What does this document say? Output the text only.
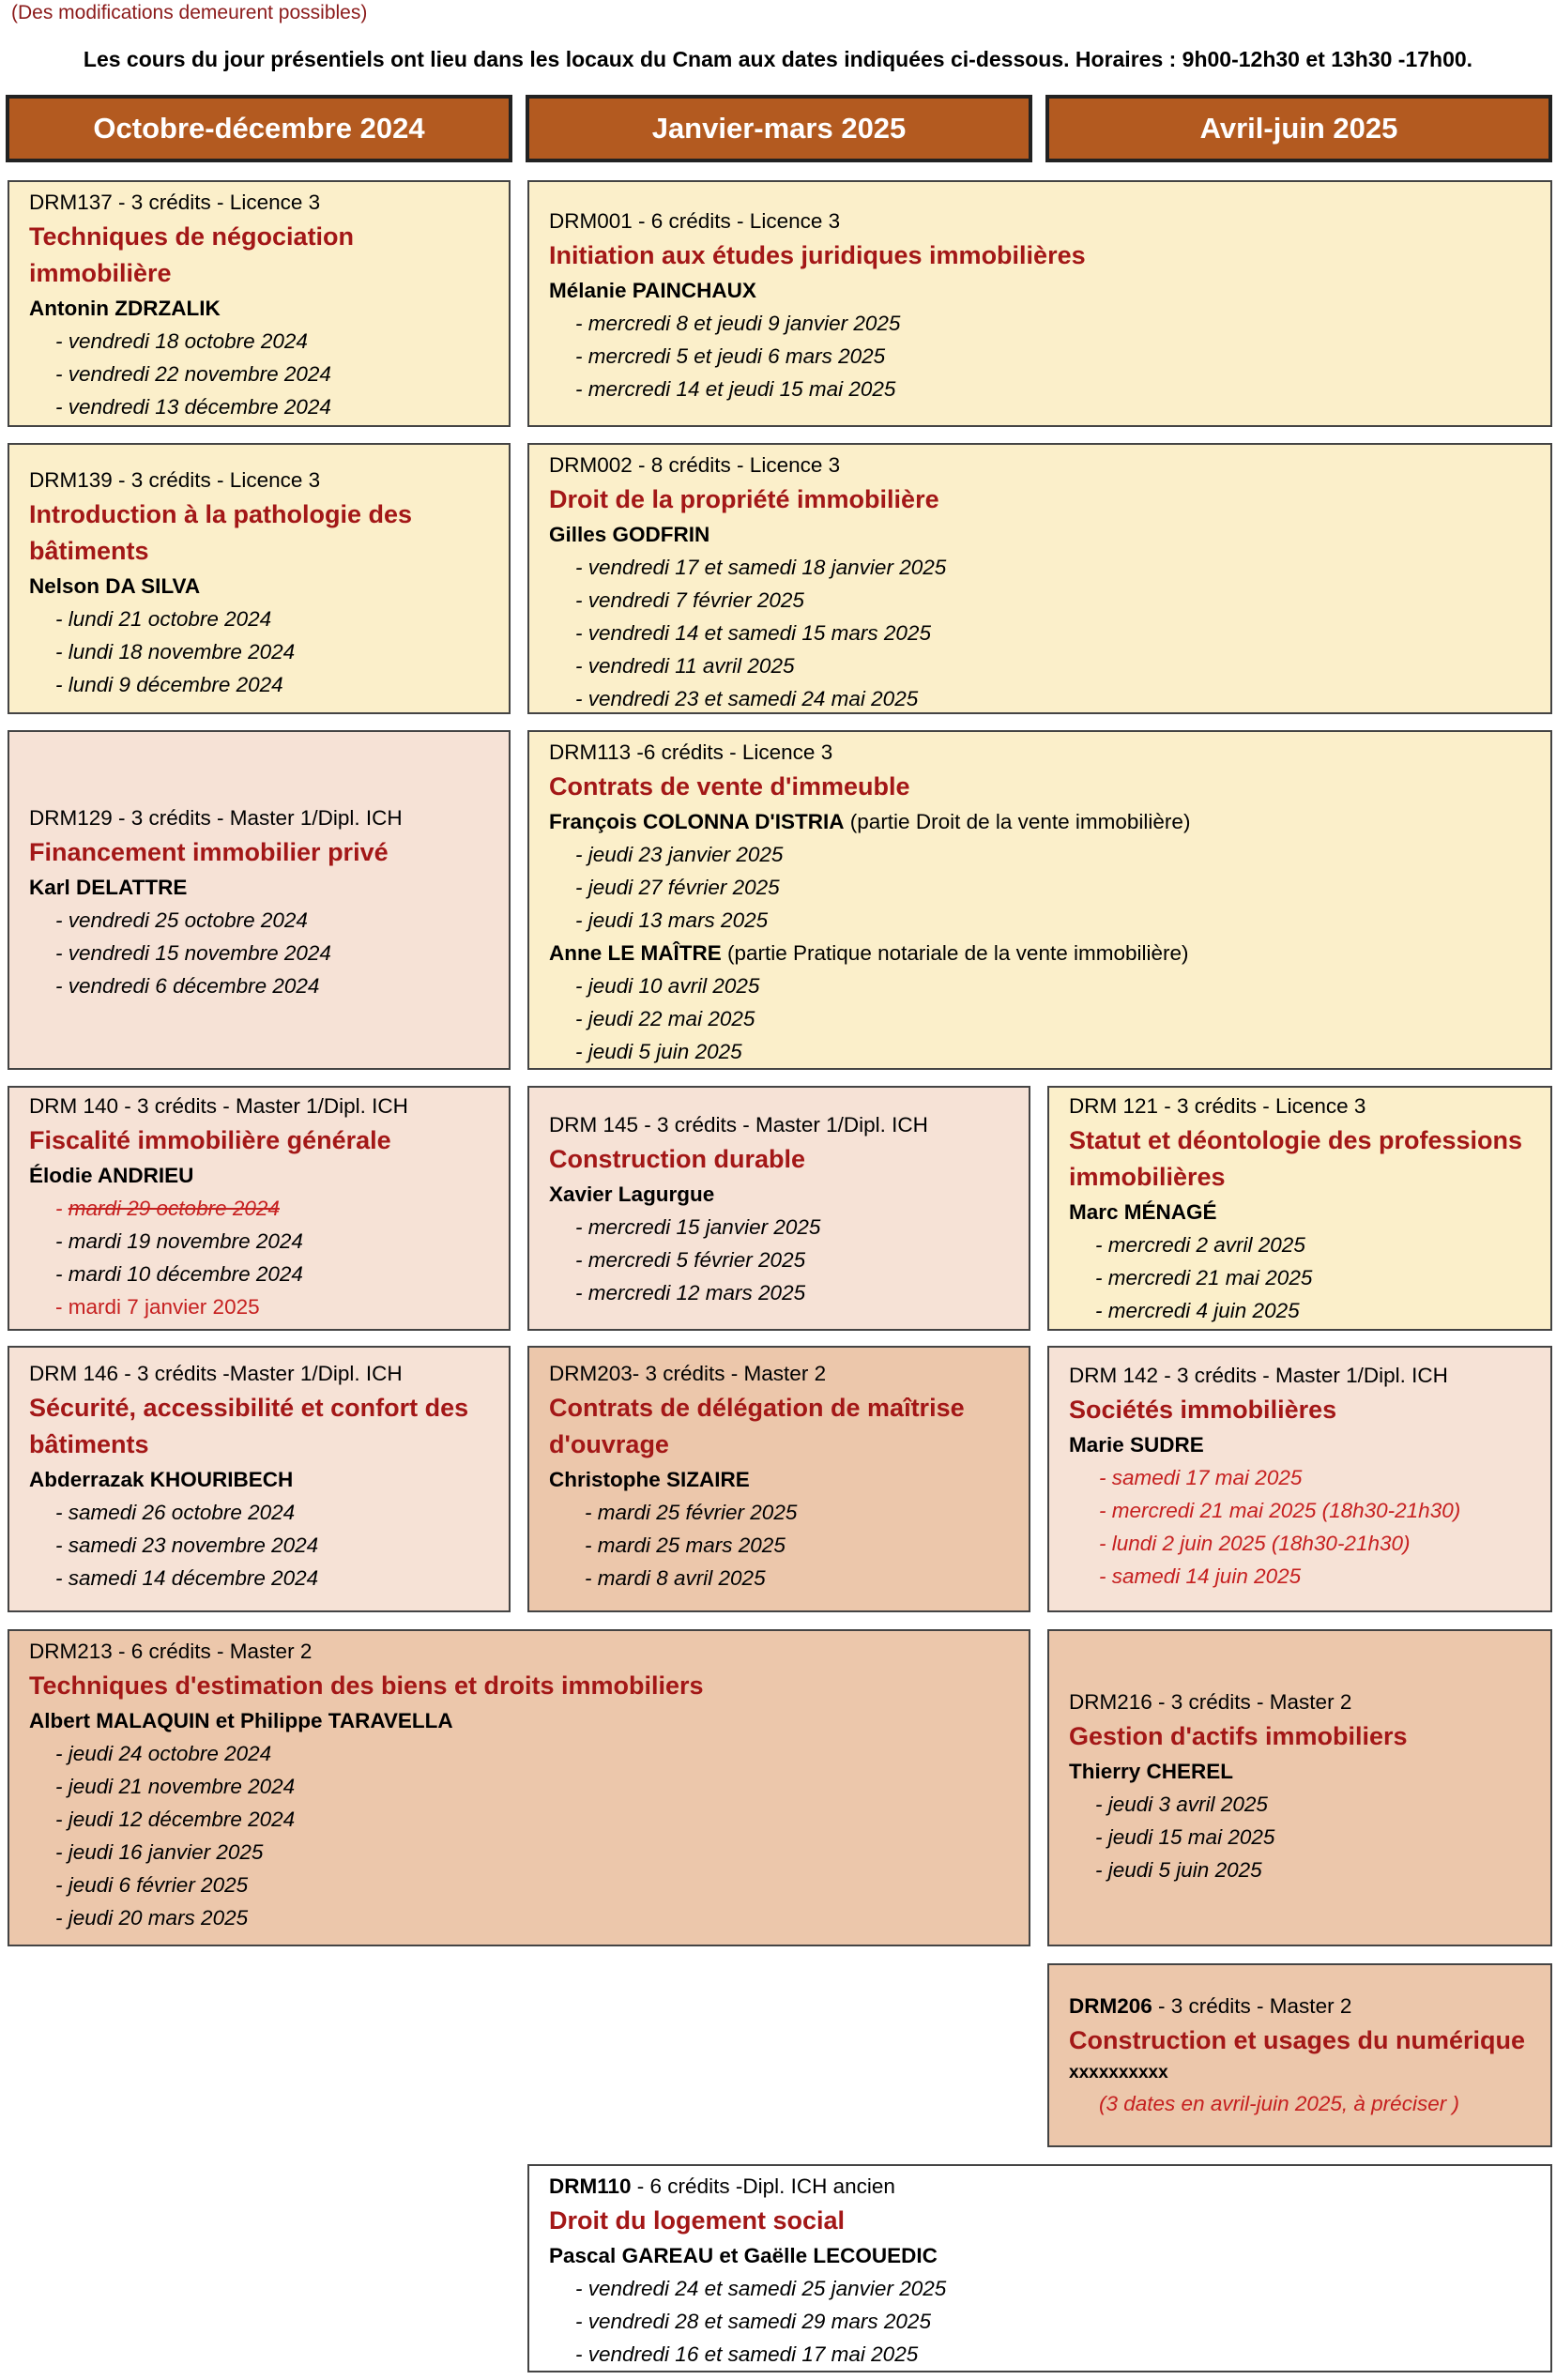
(Des modifications demeurent possibles)
Les cours du jour présentiels ont lieu dans les locaux du Cnam aux dates indiquées ci-dessous. Horaires : 9h00-12h30 et 13h30 -17h00.
Octobre-décembre 2024	Janvier-mars 2025	Avril-juin 2025
DRM137 - 3 crédits - Licence 3
Techniques de négociation immobilière
Antonin ZDRZALIK
- vendredi 18 octobre 2024
- vendredi 22 novembre 2024
- vendredi 13 décembre 2024
DRM001 - 6 crédits - Licence 3
Initiation aux études juridiques immobilières
Mélanie PAINCHAUX
- mercredi 8 et jeudi 9 janvier 2025
- mercredi 5 et jeudi 6 mars 2025
- mercredi 14 et jeudi 15 mai 2025
DRM139 - 3 crédits - Licence 3
Introduction à la pathologie des bâtiments
Nelson DA SILVA
- lundi 21 octobre 2024
- lundi 18 novembre 2024
- lundi 9 décembre 2024
DRM002 - 8 crédits - Licence 3
Droit de la propriété immobilière
Gilles GODFRIN
- vendredi 17 et samedi 18 janvier 2025
- vendredi 7 février 2025
- vendredi 14 et samedi 15 mars 2025
- vendredi 11 avril 2025
- vendredi 23 et samedi 24 mai 2025
DRM129 - 3 crédits - Master 1/Dipl. ICH
Financement immobilier privé
Karl DELATTRE
- vendredi 25 octobre 2024
- vendredi 15 novembre 2024
- vendredi 6 décembre 2024
DRM113 -6 crédits - Licence 3
Contrats de vente d'immeuble
François COLONNA D'ISTRIA (partie Droit de la vente immobilière)
- jeudi 23 janvier 2025
- jeudi 27 février 2025
- jeudi 13 mars 2025
Anne LE MAÎTRE (partie Pratique notariale de la vente immobilière)
- jeudi 10 avril 2025
- jeudi 22 mai 2025
- jeudi 5 juin 2025
DRM 140 - 3 crédits - Master 1/Dipl. ICH
Fiscalité immobilière générale
Élodie ANDRIEU
- mardi 29 octobre 2024
- mardi 19 novembre 2024
- mardi 10 décembre 2024
- mardi 7 janvier 2025
DRM 145 - 3 crédits - Master 1/Dipl. ICH
Construction durable
Xavier Lagurgue
- mercredi 15 janvier 2025
- mercredi 5 février 2025
- mercredi 12 mars 2025
DRM 121 - 3 crédits - Licence 3
Statut et déontologie des professions immobilières
Marc MÉNAGÉ
- mercredi 2 avril 2025
- mercredi 21 mai 2025
- mercredi 4 juin 2025
DRM 146 - 3 crédits -Master 1/Dipl. ICH
Sécurité, accessibilité et confort des bâtiments
Abderrazak KHOURIBECH
- samedi 26 octobre 2024
- samedi 23 novembre 2024
- samedi 14 décembre 2024
DRM203- 3 crédits - Master 2
Contrats de délégation de maîtrise d'ouvrage
Christophe SIZAIRE
- mardi 25 février 2025
- mardi 25 mars 2025
- mardi 8 avril 2025
DRM 142 - 3 crédits - Master 1/Dipl. ICH
Sociétés immobilières
Marie SUDRE
- samedi 17 mai 2025
- mercredi 21 mai 2025 (18h30-21h30)
- lundi 2 juin 2025 (18h30-21h30)
- samedi 14 juin 2025
DRM213 - 6 crédits - Master 2
Techniques d'estimation des biens et droits immobiliers
Albert MALAQUIN et Philippe TARAVELLA
- jeudi 24 octobre 2024
- jeudi 21 novembre 2024
- jeudi 12 décembre 2024
- jeudi 16 janvier 2025
- jeudi 6 février 2025
- jeudi 20 mars 2025
DRM216 - 3 crédits - Master 2
Gestion d'actifs immobiliers
Thierry CHEREL
- jeudi 3 avril 2025
- jeudi 15 mai 2025
- jeudi 5 juin 2025
DRM206 - 3 crédits - Master 2
Construction et usages du numérique
xxxxxxxxxx
(3 dates en avril-juin 2025, à préciser )
DRM110 - 6 crédits -Dipl. ICH ancien
Droit du logement social
Pascal GAREAU et Gaëlle LECOUEDIC
- vendredi 24 et samedi 25 janvier 2025
- vendredi 28 et samedi 29 mars 2025
- vendredi 16 et samedi 17 mai 2025
